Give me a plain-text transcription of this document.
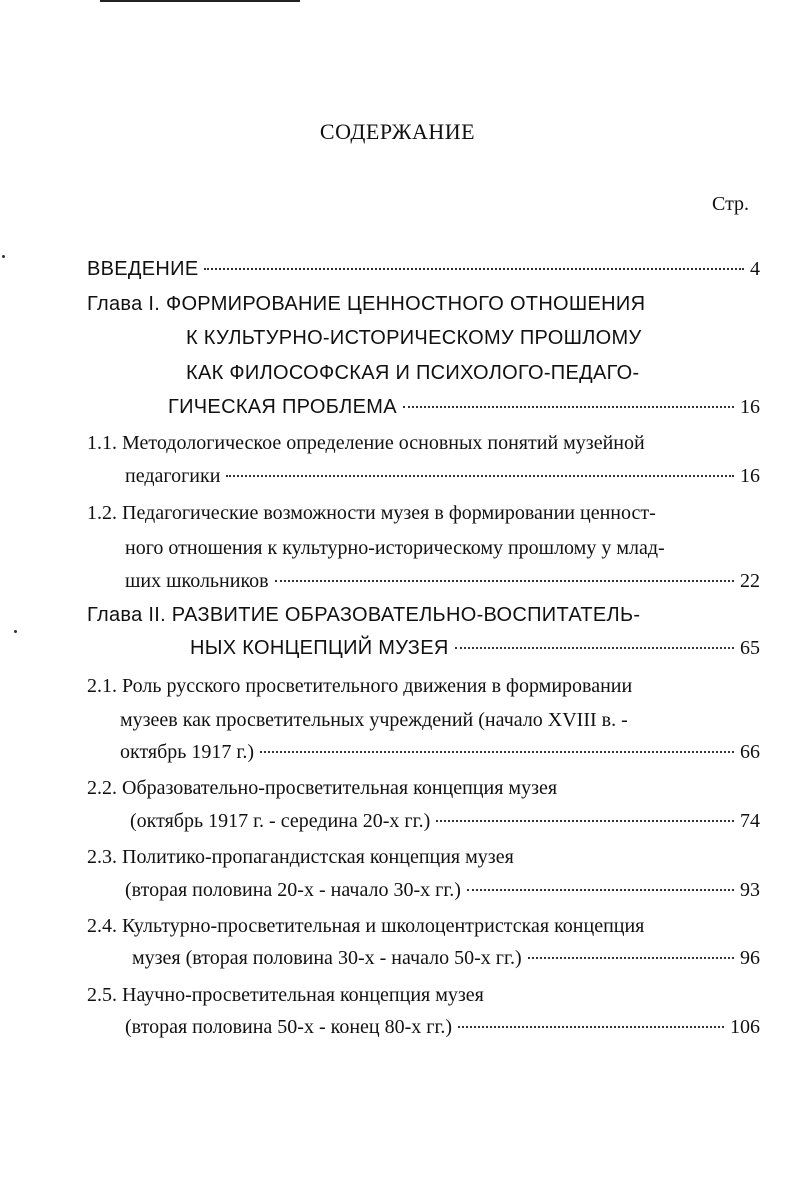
СОДЕРЖАНИЕ
Стр.
ВВЕДЕНИЕ	4
Глава I. ФОРМИРОВАНИЕ ЦЕННОСТНОГО ОТНОШЕНИЯ
К КУЛЬТУРНО-ИСТОРИЧЕСКОМУ ПРОШЛОМУ
КАК ФИЛОСОФСКАЯ И ПСИХОЛОГО-ПЕДАГО-
ГИЧЕСКАЯ ПРОБЛЕМА	16
1.1. Методологическое определение основных понятий музейной
педагогики	16
1.2. Педагогические возможности музея в формировании ценност-
ного отношения к культурно-историческому прошлому у млад-
ших школьников	22
Глава II. РАЗВИТИЕ ОБРАЗОВАТЕЛЬНО-ВОСПИТАТЕЛЬ-
НЫХ КОНЦЕПЦИЙ МУЗЕЯ	65
2.1. Роль русского просветительного движения в формировании
музеев как просветительных учреждений (начало XVIII в. -
октябрь 1917 г.)	66
2.2. Образовательно-просветительная концепция музея
(октябрь 1917 г. - середина 20-х гг.)	74
2.3. Политико-пропагандистская концепция музея
(вторая половина 20-х - начало 30-х гг.)	93
2.4. Культурно-просветительная и школоцентристская концепция
музея (вторая половина 30-х - начало 50-х гг.)	96
2.5. Научно-просветительная концепция музея
(вторая половина 50-х - конец 80-х гг.)	106
